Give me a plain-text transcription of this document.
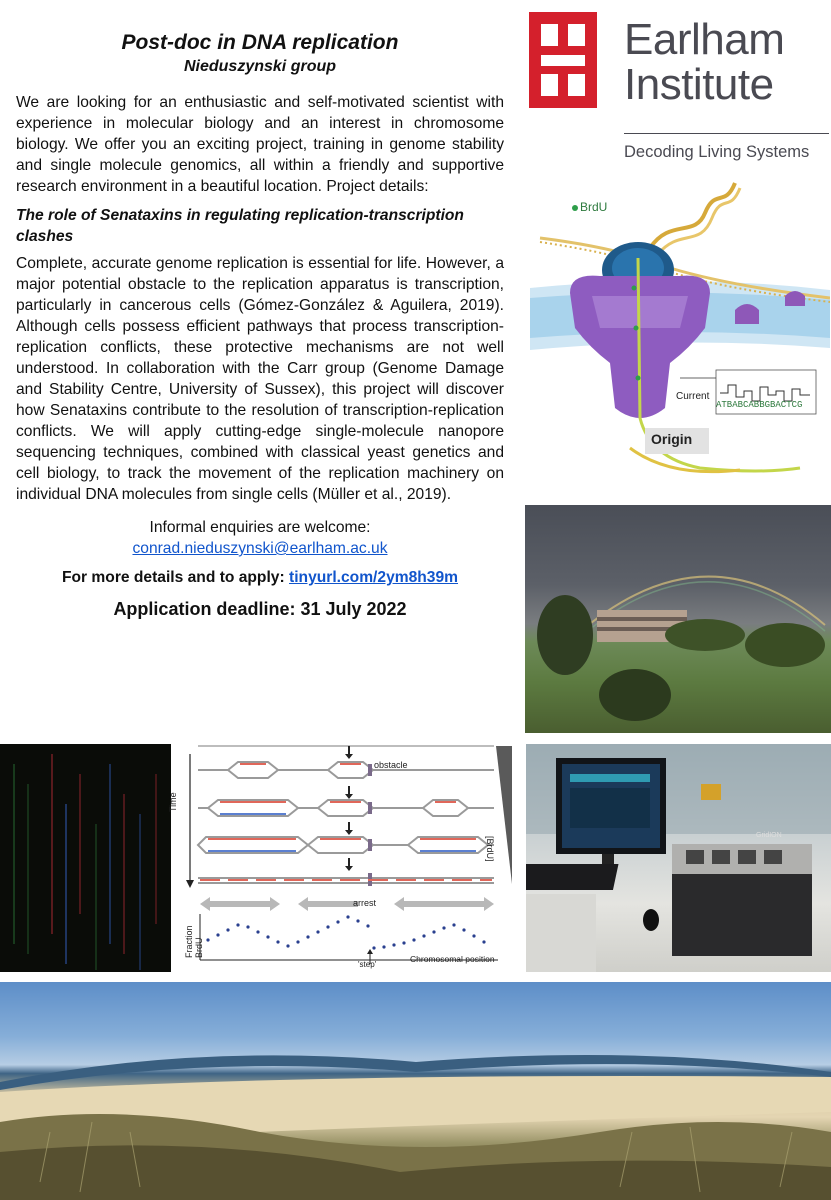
Post-doc in DNA replication
Nieduszynski group

We are looking for an enthusiastic and self-motivated scientist with experience in molecular biology and an interest in chromosome biology. We offer you an exciting project, training in genome stability and single molecule genomics, all within a friendly and supportive research environment in a beautiful location. Project details:

The role of Senataxins in regulating replication-transcription clashes

Complete, accurate genome replication is essential for life. However, a major potential obstacle to the replication apparatus is transcription, particularly in cancerous cells (Gómez-González & Aguilera, 2019). Although cells possess efficient pathways that process transcription-replication conflicts, these protective mechanisms are not well understood. In collaboration with the Carr group (Genome Damage and Stability Centre, University of Sussex), this project will discover how Senataxins contribute to the resolution of transcription-replication conflicts. We will apply cutting-edge single-molecule nanopore sequencing techniques, combined with classical yeast genetics and cell biology, to track the movement of the replication machinery on individual DNA molecules from single cells (Müller et al., 2019).

Informal enquiries are welcome:

conrad.nieduszynski@earlham.ac.uk

For more details and to apply: tinyurl.com/2ym8h39m

Application deadline: 31 July 2022

Earlham
Institute
Decoding Living Systems
BrdU
Current
ATBABCABBGBACTCG
Origin
obstacle
Time
[BrdU]
arrest
Fraction BrdU
'step'
Chromosomal position
GridION
